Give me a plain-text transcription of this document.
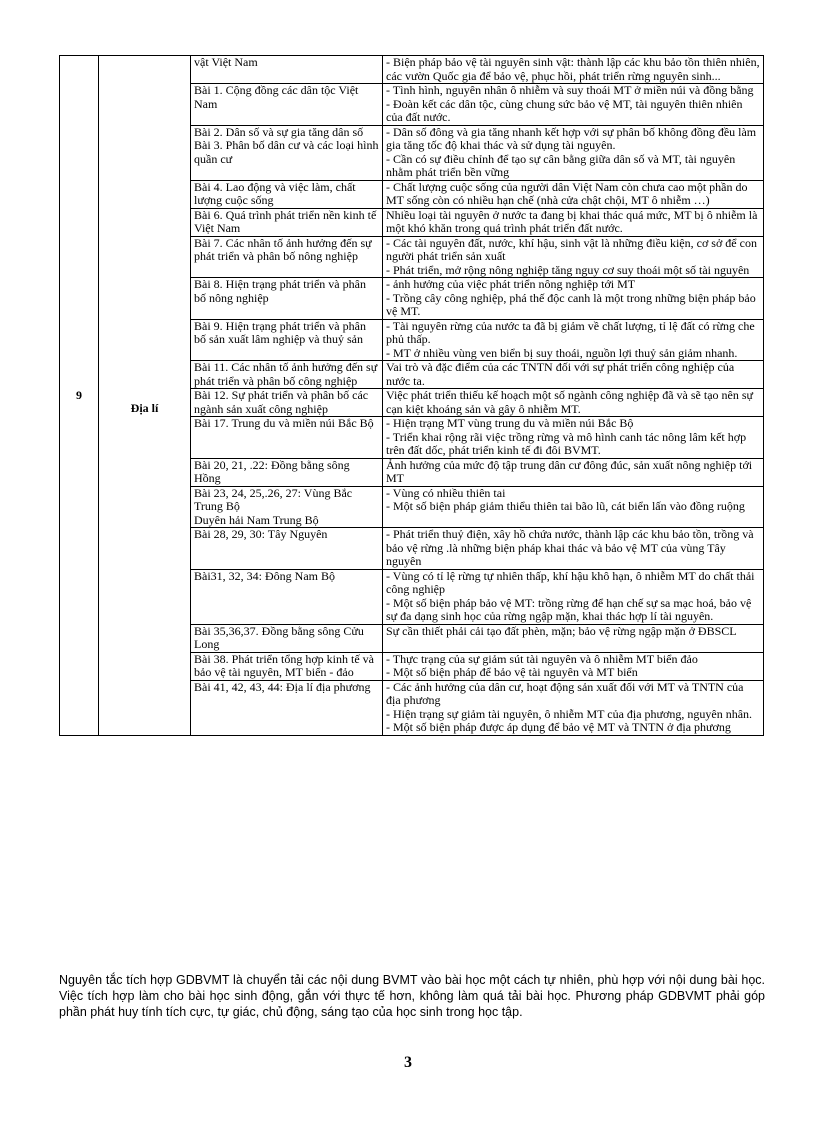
9		vật Việt Nam	- Biện pháp bảo vệ tài nguyên sinh vật: thành lập các khu bảo tồn thiên nhiên, các vườn Quốc gia để bảo vệ, phục hồi, phát triển rừng nguyên sinh...

	Địa lí	Bài 1. Cộng đồng các dân tộc Việt Nam	- Tình hình, nguyên nhân ô nhiễm và suy thoái MT ở miền núi và đồng bằng
- Đoàn kết các dân tộc, cùng chung sức bảo vệ MT, tài nguyên thiên nhiên của đất nước.

		Bài 2. Dân số và sự gia tăng dân số
Bài 3. Phân bố dân cư và các loại hình quần cư	- Dân số đông và gia tăng nhanh kết hợp với sự phân bố không đồng đều làm gia tăng tốc độ khai thác và sử dụng tài nguyên.
- Cần có sự điều chỉnh để tạo sự cân bằng giữa dân số và MT, tài nguyên nhằm phát triển bền vững

		Bài 4. Lao động và việc làm, chất lượng cuộc sống	- Chất lượng cuộc sống của người dân Việt Nam còn chưa cao một phần do MT sống còn có nhiều hạn chế (nhà cửa chật chội, MT ô nhiễm …)

		Bài 6. Quá trình phát triển nền kinh tế Việt Nam	Nhiều loại tài nguyên ở nước ta đang bị khai thác quá mức, MT bị ô nhiễm là một khó khăn trong quá trình phát triển đất nước.

		Bài 7. Các nhân tố ảnh hưởng đến sự phát triển và phân bố nông nghiệp	- Các tài nguyên đất, nước, khí hậu, sinh vật là những điều kiện, cơ sở để con người phát triển sản xuất
- Phát triển, mở rộng nông nghiệp tăng nguy cơ suy thoái một số tài nguyên

		Bài 8. Hiện trạng phát triển và phân bố nông nghiệp	- ảnh hưởng của việc phát triển nông nghiệp tới MT
- Trồng cây công nghiệp, phá thế độc canh là một trong những biện pháp bảo vệ MT.

		Bài 9. Hiện trạng phát triển và phân bố sản xuất lâm nghiệp và thuỷ sản	- Tài nguyên rừng của nước ta đã bị giảm về chất lượng, tỉ lệ đất có rừng che phủ thấp.
- MT ở nhiều vùng ven biển bị suy thoái, nguồn lợi thuỷ sản giảm nhanh.

		Bài 11. Các nhân tố ảnh hưởng đến sự phát triển và phân bố công nghiệp	Vai trò và đặc điểm của các TNTN đối với sự phát triển công nghiệp của nước ta.

		Bài 12. Sự phát triển và phân bố các ngành sản xuất công nghiệp	Việc phát triển thiếu kế hoạch một số ngành công nghiệp đã và sẽ tạo nên sự cạn kiệt khoáng sản và gây ô nhiễm MT.

		Bài 17. Trung du và miền núi Bắc Bộ	- Hiện trạng MT vùng trung du và miền núi Bắc Bộ
- Triển khai rộng rãi việc trồng rừng và mô hình canh tác nông lâm kết hợp trên đất dốc, phát triển kinh tế đi đôi BVMT.

		Bài 20, 21, .22: Đồng bằng sông Hồng	Ảnh hưởng của mức độ tập trung dân cư đông đúc, sản xuất nông nghiệp tới MT

		Bài 23, 24, 25,.26, 27: Vùng Bắc Trung Bộ
Duyên hải Nam Trung Bộ	- Vùng có nhiều thiên tai
- Một số biện pháp giảm thiểu thiên tai bão lũ, cát biển lấn vào đồng ruộng

		Bài 28, 29, 30: Tây Nguyên	- Phát triển thuỷ điện, xây hồ chứa nước, thành lập các khu bảo tồn, trồng và bảo vệ rừng .là những biện pháp khai thác và bảo vệ MT của vùng Tây nguyên

		Bài31, 32, 34: Đông Nam Bộ	- Vùng có tỉ lệ rừng tự nhiên thấp, khí hậu khô hạn, ô nhiễm MT do chất thải công nghiệp
- Một số biện pháp bảo vệ MT: trồng rừng để hạn chế sự sa mạc hoá, bảo vệ sự đa dạng sinh học của rừng ngập mặn, khai thác hợp lí tài nguyên.

		Bài 35,36,37. Đồng bằng sông Cửu Long	Sự cần thiết phải cải tạo đất phèn, mặn; bảo vệ rừng ngập mặn ở ĐBSCL

		Bài 38. Phát triển tổng hợp kinh tế và bảo vệ tài nguyên, MT biển - đảo	- Thực trạng của sự giảm sút tài nguyên và ô nhiễm MT biển đảo
- Một số biện pháp để bảo vệ tài nguyên và MT biển

		Bài 41, 42, 43, 44: Địa lí địa phương	- Các ảnh hưởng của dân cư, hoạt động sản xuất đối với MT và TNTN của địa phương
- Hiện trạng sự giảm tài nguyên, ô nhiễm MT của địa phương, nguyên nhân.
- Một số biện pháp được áp dụng để bảo vệ MT và TNTN ở địa phương
Nguyên tắc tích hợp GDBVMT là chuyển tải các nội dung BVMT vào bài học một cách tự nhiên, phù hợp với nội dung bài học. Việc tích hợp làm cho bài học sinh động, gắn với thực tế hơn, không làm quá tải bài học. Phương pháp GDBVMT phải góp phần phát huy tính tích cực, tự giác, chủ động, sáng tạo của học sinh trong học tập.
3
